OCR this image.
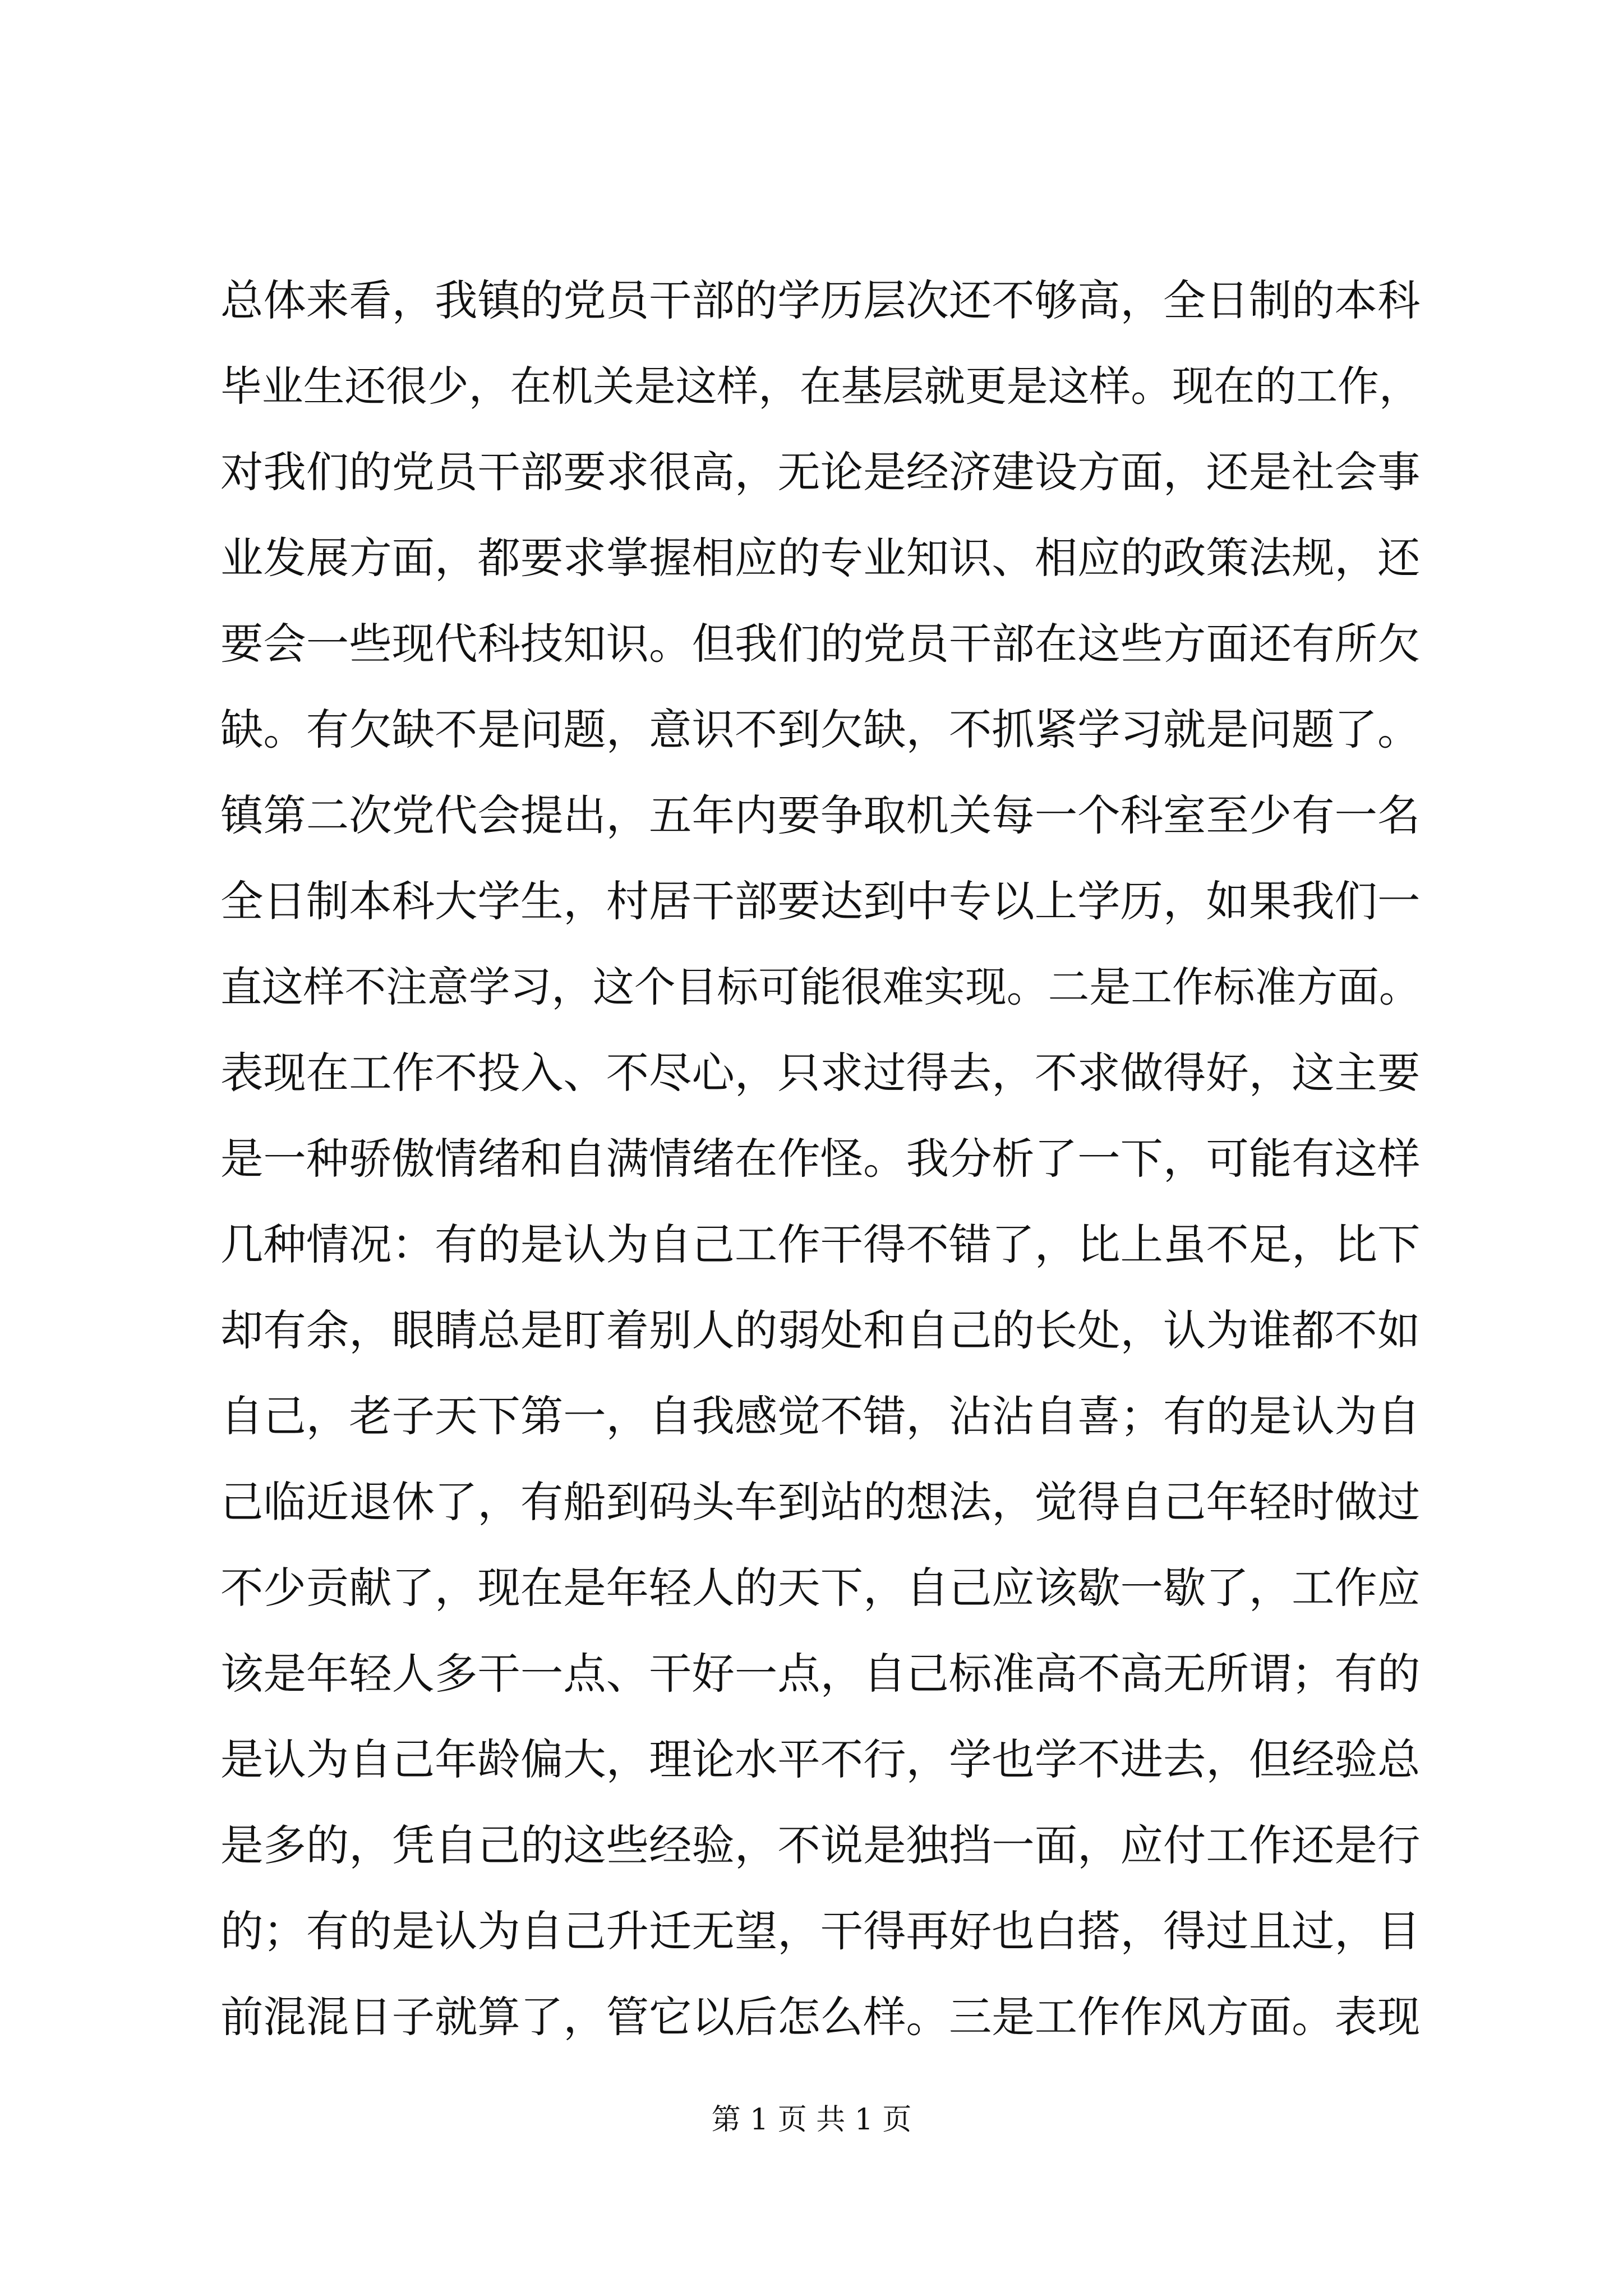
总体来看，我镇的党员干部的学历层次还不够高，全日制的本科
毕业生还很少，在机关是这样，在基层就更是这样。现在的工作，
对我们的党员干部要求很高，无论是经济建设方面，还是社会事
业发展方面，都要求掌握相应的专业知识、相应的政策法规，还
要会一些现代科技知识。但我们的党员干部在这些方面还有所欠
缺。有欠缺不是问题，意识不到欠缺，不抓紧学习就是问题了。
镇第二次党代会提出，五年内要争取机关每一个科室至少有一名
全日制本科大学生，村居干部要达到中专以上学历，如果我们一
直这样不注意学习，这个目标可能很难实现。二是工作标准方面。
表现在工作不投入、不尽心，只求过得去，不求做得好，这主要
是一种骄傲情绪和自满情绪在作怪。我分析了一下，可能有这样
几种情况：有的是认为自己工作干得不错了，比上虽不足，比下
却有余，眼睛总是盯着别人的弱处和自己的长处，认为谁都不如
自己，老子天下第一，自我感觉不错，沾沾自喜；有的是认为自
己临近退休了，有船到码头车到站的想法，觉得自己年轻时做过
不少贡献了，现在是年轻人的天下，自己应该歇一歇了，工作应
该是年轻人多干一点、干好一点，自己标准高不高无所谓；有的
是认为自己年龄偏大，理论水平不行，学也学不进去，但经验总
是多的，凭自己的这些经验，不说是独挡一面，应付工作还是行
的；有的是认为自己升迁无望，干得再好也白搭，得过且过，目
前混混日子就算了，管它以后怎么样。三是工作作风方面。表现
第 1 页 共 1 页
